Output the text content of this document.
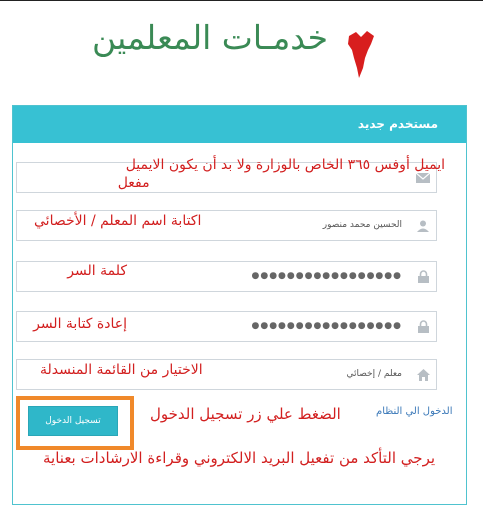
خدمـات المعلمين
مستخدم جديد
ايميل أوفس ٣٦٥ الخاص بالوزارة ولا بد أن يكون الايميل
مفعل
الحسين محمد منصور
اكتابة اسم المعلم / الأخصائي
●●●●●●●●●●●●●●●●●
كلمة السر
●●●●●●●●●●●●●●●●●
إعادة كتابة السر
معلم / إخصائي
الاختيار من القائمة المنسدلة
الدخول الي النظام
الضغط علي زر تسجيل الدخول
تسجيل الدخول
يرجي التأكد من تفعيل البريد الالكتروني وقراءة الارشادات بعناية
